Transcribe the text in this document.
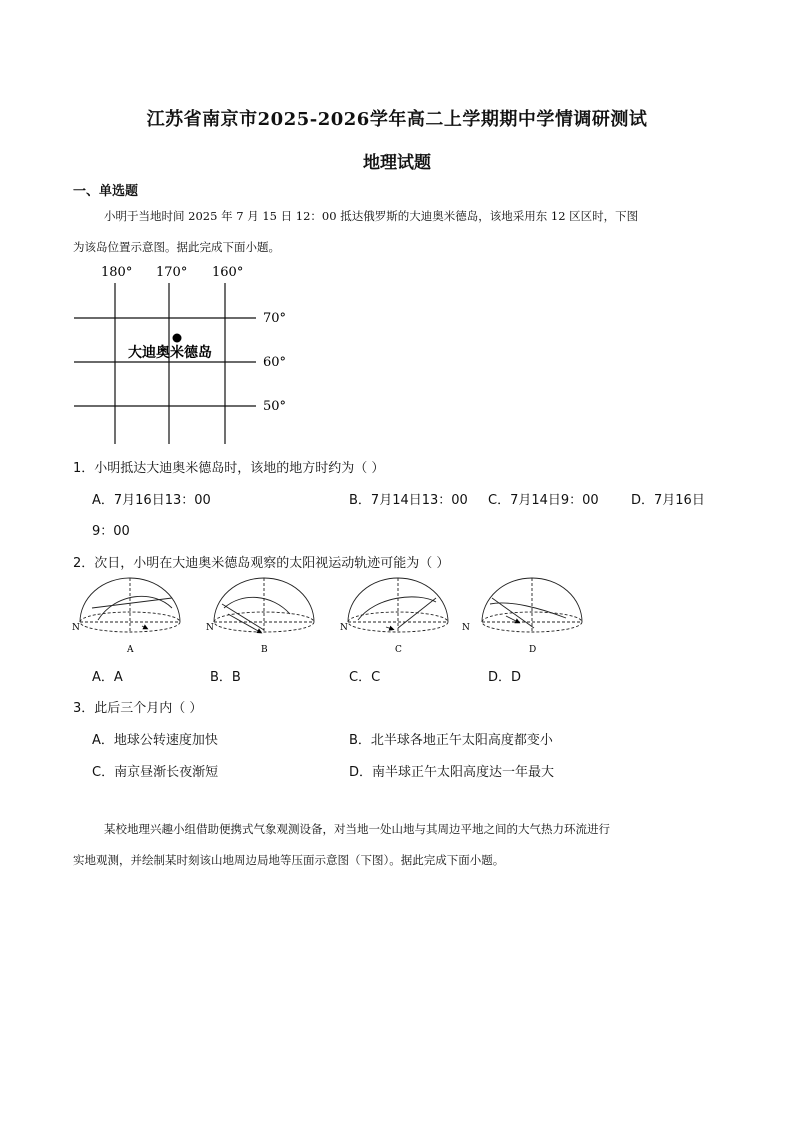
江苏省南京市2025-2026学年高二上学期期中学情调研测试
地理试题
一、单选题
小明于当地时间 2025 年 7 月 15 日 12：00 抵达俄罗斯的大迪奥米德岛，该地采用东 12 区区时，下图
为该岛位置示意图。据此完成下面小题。
180° 170° 160°
70°
60°
50°
大迪奥米德岛
1．小明抵达大迪奥米德岛时，该地的地方时约为（ ）
A．7月16日13：00	B．7月14日13：00 C．7月14日9：00 D．7月16日
9：00
2．次日，小明在大迪奥米德岛观察的太阳视运动轨迹可能为（ ）
N
A
N
B
N
C
N
D
A．A	B．B	C．C	D．D
3．此后三个月内（ ）
A．地球公转速度加快	B．北半球各地正午太阳高度都变小
C．南京昼渐长夜渐短	D．南半球正午太阳高度达一年最大
某校地理兴趣小组借助便携式气象观测设备，对当地一处山地与其周边平地之间的大气热力环流进行
实地观测，并绘制某时刻该山地周边局地等压面示意图（下图）。据此完成下面小题。
